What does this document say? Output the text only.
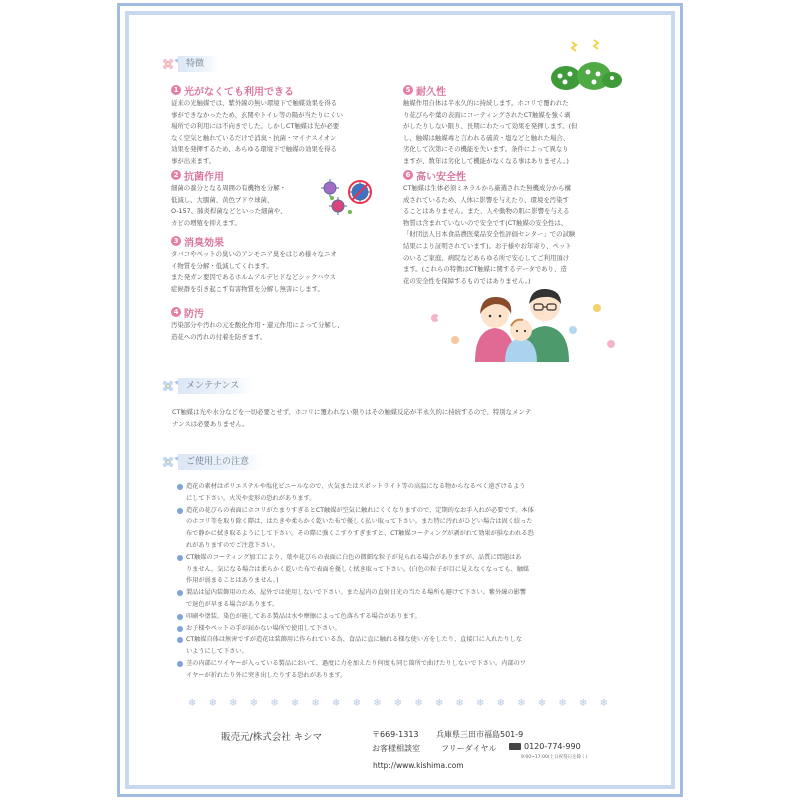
特徴
1 光がなくても利用できる
従来の光触媒では、紫外線の無い環境下で触媒効果を得る
事ができなかったため、玄関やトイレ等の陽が当たりにくい
場所での利用には不向きでした。しかしCT触媒は光が必要
なく空気と触れているだけで消臭・抗菌・マイナスイオン
効果を発揮するため、あらゆる環境下で触媒の効果を得る
事が出来ます。
2 抗菌作用
細菌の養分となる周囲の有機物を分解・
低減し、大腸菌、黄色ブドウ球菌、
O-157、肺炎桿菌などといった細菌や、
カビの増殖を抑えます。
3 消臭効果
タバコやペットの臭いのアンモニア臭をはじめ様々なニオ
イ物質を分解・低減してくれます。
また発ガン要因であるホルムアルデヒドなどシックハウス
症候群を引き起こす有害物質を分解し無害にします。
4 防汚
汚染部分や汚れの元を酸化作用・還元作用によって分解し、
造花への汚れの付着を防ぎます。
5 耐久性
触媒作用自体は半永久的に持続します。ホコリで覆われた
り花びらや葉の表面にコーティングされたCT触媒を強く剥
がしたりしない限り、長期にわたって効果を発揮します。(但
し、触媒は触媒毒と言われる硫黄・塩などと触れた場合、
劣化して次第にその機能を失います。条件によって異なり
ますが、数年は劣化して機能がなくなる事はありません。)
6 高い安全性
CT触媒は生体必須ミネラルから厳選された無機成分から構
成されているため、人体に影響を与えたり、環境を汚染す
ることはありません。また、人や動物の肌に影響を与える
物質は含まれていないので安全です(CT触媒の安全性は、
「財団法人日本食品農医薬品安全性評価センター」での試験
結果により証明されています)。お子様やお年寄り、ペット
のいるご家庭、病院などあらゆる所で安心してご利用頂け
ます。(これらの特徴はCT触媒に関するデータであり、造
花の安全性を保障するものではありません。)
メンテナンス
CT触媒は光や水分などを一切必要とせず、ホコリに覆われない限りはその触媒反応が半永久的に持続するので、特別なメンテ
ナンスは必要ありません。
ご使用上の注意
造花の素材はポリエステルや塩化ビニールなので、火気またはスポットライト等の高温になる物からなるべく遠ざけるよう
にして下さい。火災や変形の恐れがあります。
造花の花びらの表面にホコリがたまりすぎるとCT触媒が空気に触れにくくなりますので、定期的なお手入れが必要です。本体
のホコリ等を取り除く際は、はたきや柔らかく乾いた布で優しく払い取って下さい。また特に汚れがひどい場合は固く絞った
布で静かに拭き取るようにして下さい。その際に強くこすりすぎますと、CT触媒コーティングが剥がれて効果が損なわれる恐
れがありますのでご注意下さい。
CT触媒のコーティング加工により、葉や花びらの表面に白色の微細な粒子が見られる場合がありますが、品質に問題はあ
りません。気になる場合は柔らかく乾いた布で表面を優しく拭き取って下さい。(白色の粒子が目に見えなくなっても、触媒
作用が弱まることはありません。)
製品は屋内装飾用のため、屋外では使用しないで下さい。また屋内の直射日光の当たる場所も避けて下さい。紫外線の影響
で退色が早まる場合があります。
印刷や塗装、染色が施してある製品は水や摩擦によって色落ちする場合があります。
お子様やペットの手が届かない場所で使用して下さい。
CT触媒自体は無害ですが造花は装飾用に作られている為、食品に直に触れる様な使い方をしたり、直接口に入れたりしな
いようにして下さい。
茎の内部にワイヤーが入っている製品において、過度に力を加えたり何度も同じ箇所で曲げたりしないで下さい。内部のワ
イヤーが折れたり外に突き出したりする恐れがあります。
❄ ❄ ❄ ❄ ❄ ❄ ❄ ❄ ❄ ❄ ❄ ❄ ❄ ❄ ❄ ❄ ❄ ❄ ❄ ❄ ❄
販売元/株式会社 キシマ	〒669-1313 兵庫県三田市福島501-9
お客様相談室	フリーダイヤル	0120-774-990
9:00~17:00(土日祝祭日を除く)
http://www.kishima.com
